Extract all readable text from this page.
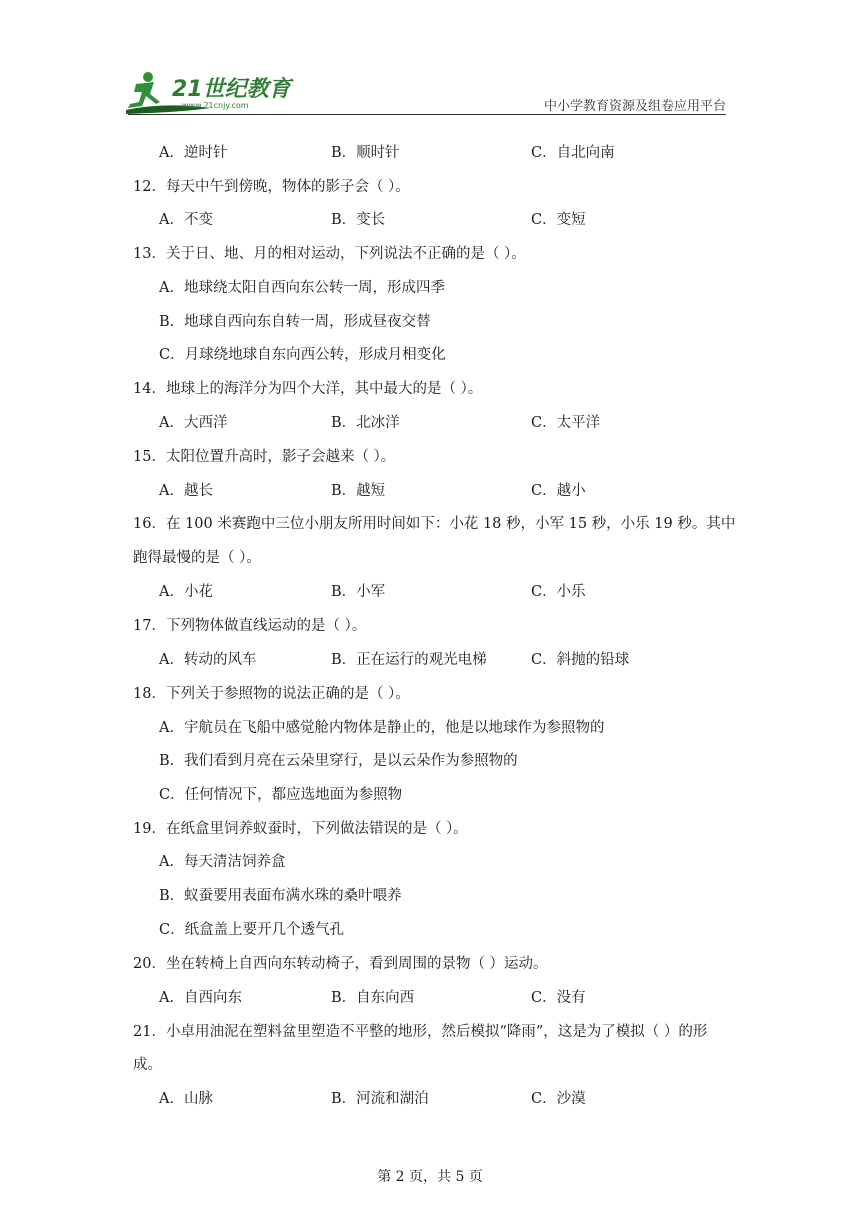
21世纪教育
www.21cnjy.com	中小学教育资源及组卷应用平台
A．逆时针	B．顺时针	C．自北向南
12．每天中午到傍晚，物体的影子会（ ）。
A．不变	B．变长	C．变短
13．关于日、地、月的相对运动，下列说法不正确的是（ ）。
A．地球绕太阳自西向东公转一周，形成四季
B．地球自西向东自转一周，形成昼夜交替
C．月球绕地球自东向西公转，形成月相变化
14．地球上的海洋分为四个大洋，其中最大的是（ ）。
A．大西洋	B．北冰洋	C．太平洋
15．太阳位置升高时，影子会越来（ ）。
A．越长	B．越短	C．越小
16．在 100 米赛跑中三位小朋友所用时间如下：小花 18 秒，小军 15 秒，小乐 19 秒。其中
跑得最慢的是（ ）。
A．小花	B．小军	C．小乐
17．下列物体做直线运动的是（ ）。
A．转动的风车	B．正在运行的观光电梯	C．斜抛的铅球
18．下列关于参照物的说法正确的是（ ）。
A．宇航员在飞船中感觉舱内物体是静止的，他是以地球作为参照物的
B．我们看到月亮在云朵里穿行，是以云朵作为参照物的
C．任何情况下，都应选地面为参照物
19．在纸盒里饲养蚁蚕时，下列做法错误的是（ ）。
A．每天清洁饲养盒
B．蚁蚕要用表面布满水珠的桑叶喂养
C．纸盒盖上要开几个透气孔
20．坐在转椅上自西向东转动椅子，看到周围的景物（ ）运动。
A．自西向东	B．自东向西	C．没有
21．小卓用油泥在塑料盆里塑造不平整的地形，然后模拟“降雨”，这是为了模拟（ ）的形
成。
A．山脉	B．河流和湖泊	C．沙漠
第 2 页，共 5 页
